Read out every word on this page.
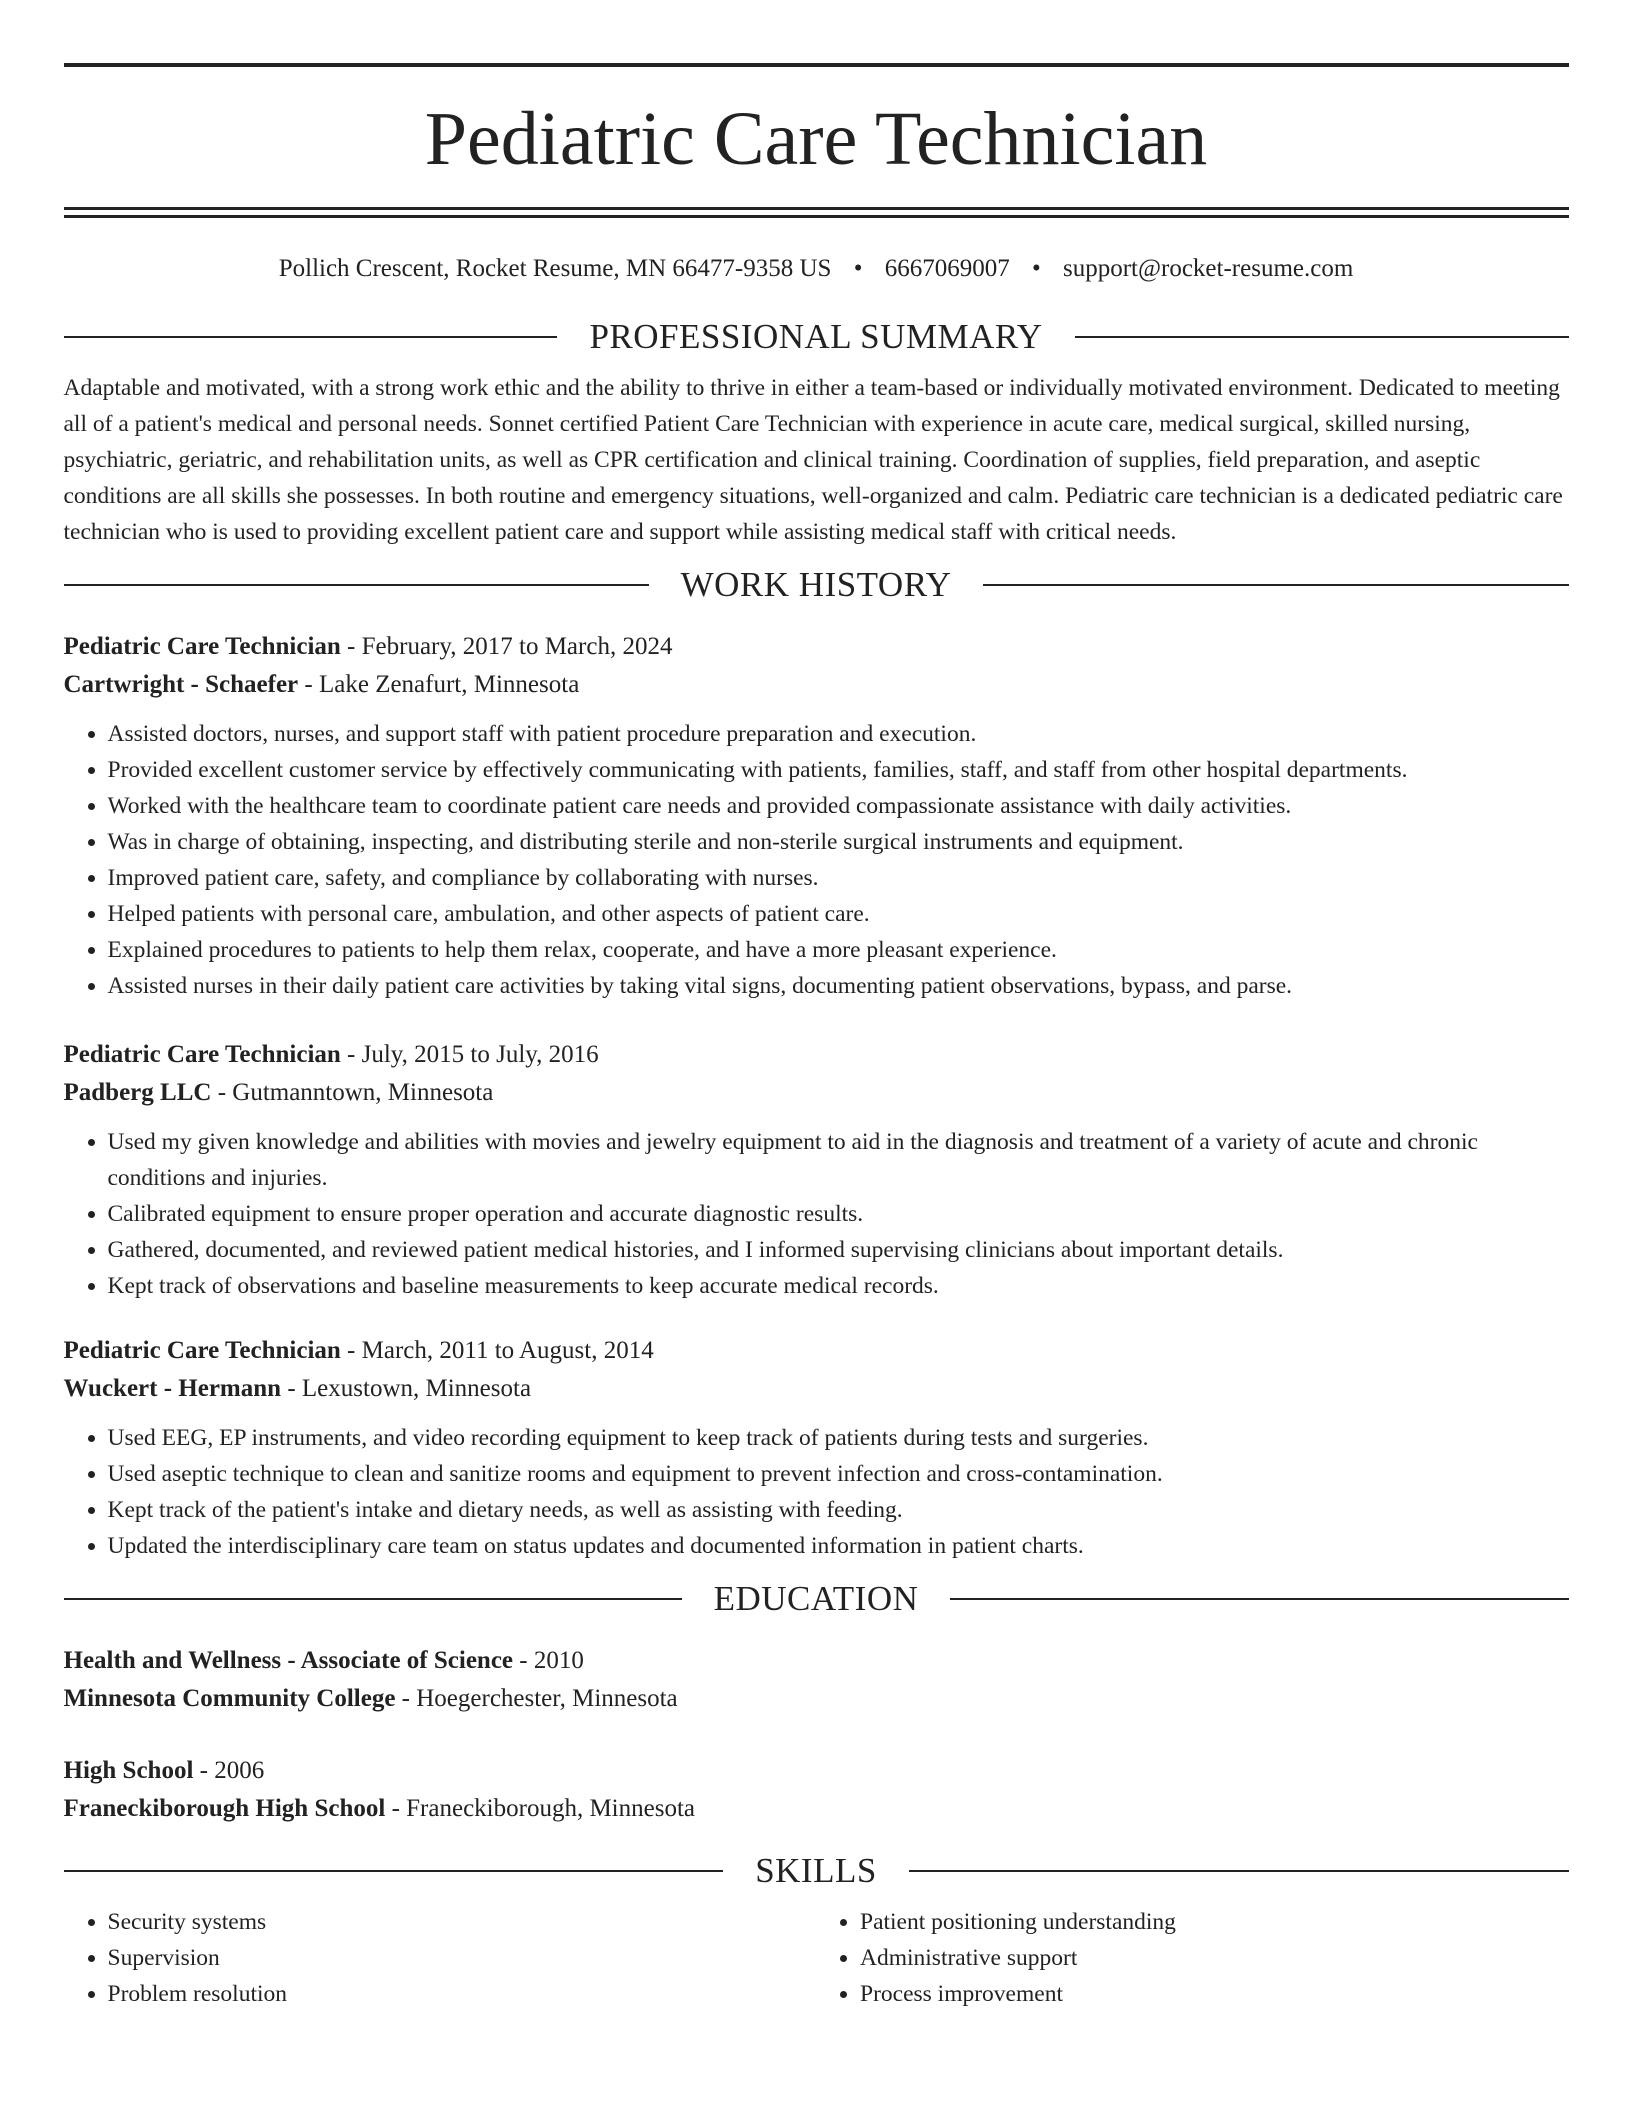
Pediatric Care Technician
Pollich Crescent, Rocket Resume, MN 66477-9358 US • 6667069007 • support@rocket-resume.com
PROFESSIONAL SUMMARY

Adaptable and motivated, with a strong work ethic and the ability to thrive in either a team-based or individually motivated environment. Dedicated to meeting all of a patient's medical and personal needs. Sonnet certified Patient Care Technician with experience in acute care, medical surgical, skilled nursing, psychiatric, geriatric, and rehabilitation units, as well as CPR certification and clinical training. Coordination of supplies, field preparation, and aseptic conditions are all skills she possesses. In both routine and emergency situations, well-organized and calm. Pediatric care technician is a dedicated pediatric care technician who is used to providing excellent patient care and support while assisting medical staff with critical needs.

WORK HISTORY

Pediatric Care Technician - February, 2017 to March, 2024

Cartwright - Schaefer - Lake Zenafurt, Minnesota

• Assisted doctors, nurses, and support staff with patient procedure preparation and execution.
• Provided excellent customer service by effectively communicating with patients, families, staff, and staff from other hospital departments.
• Worked with the healthcare team to coordinate patient care needs and provided compassionate assistance with daily activities.
• Was in charge of obtaining, inspecting, and distributing sterile and non-sterile surgical instruments and equipment.
• Improved patient care, safety, and compliance by collaborating with nurses.
• Helped patients with personal care, ambulation, and other aspects of patient care.
• Explained procedures to patients to help them relax, cooperate, and have a more pleasant experience.
• Assisted nurses in their daily patient care activities by taking vital signs, documenting patient observations, bypass, and parse.

Pediatric Care Technician - July, 2015 to July, 2016

Padberg LLC - Gutmanntown, Minnesota

• Used my given knowledge and abilities with movies and jewelry equipment to aid in the diagnosis and treatment of a variety of acute and chronic conditions and injuries.
• Calibrated equipment to ensure proper operation and accurate diagnostic results.
• Gathered, documented, and reviewed patient medical histories, and I informed supervising clinicians about important details.
• Kept track of observations and baseline measurements to keep accurate medical records.

Pediatric Care Technician - March, 2011 to August, 2014

Wuckert - Hermann - Lexustown, Minnesota

• Used EEG, EP instruments, and video recording equipment to keep track of patients during tests and surgeries.
• Used aseptic technique to clean and sanitize rooms and equipment to prevent infection and cross-contamination.
• Kept track of the patient's intake and dietary needs, as well as assisting with feeding.
• Updated the interdisciplinary care team on status updates and documented information in patient charts.
EDUCATION

Health and Wellness - Associate of Science - 2010

Minnesota Community College - Hoegerchester, Minnesota

High School - 2006

Franeckiborough High School - Franeckiborough, Minnesota

SKILLS
• Security systems
• Supervision
• Problem resolution
• Patient positioning understanding
• Administrative support
• Process improvement
